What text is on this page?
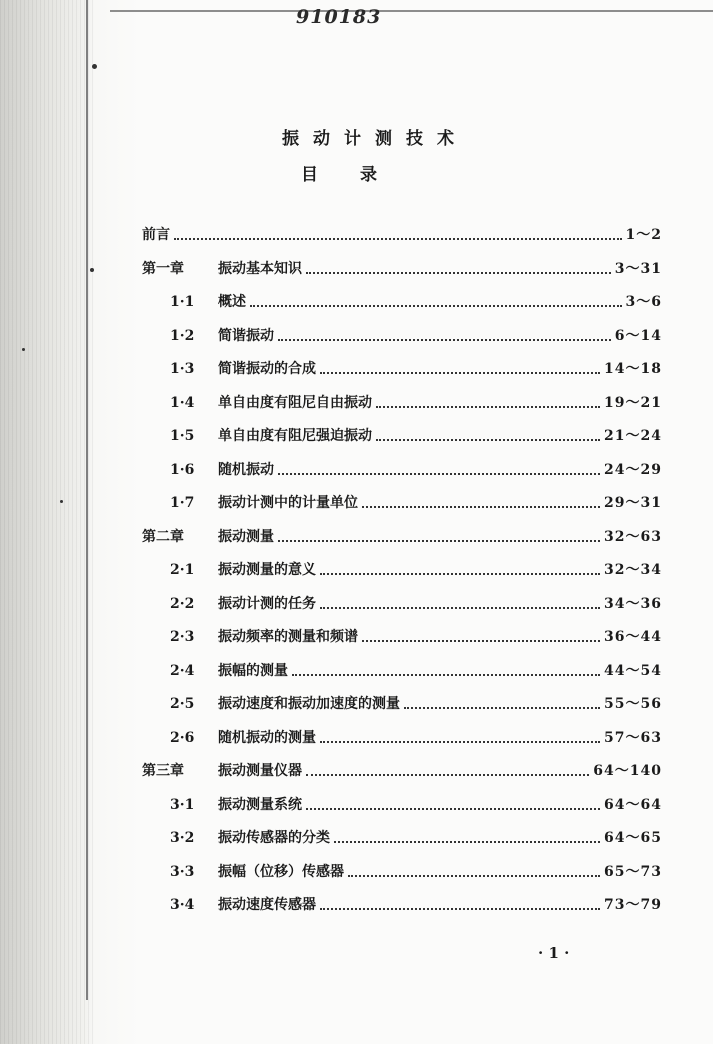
910183
振动计测技术
目录
前言	1～2
第一章	振动基本知识	3～31
1·1	概述	3～6
1·2	简谐振动	6～14
1·3	简谐振动的合成	14～18
1·4	单自由度有阻尼自由振动	19～21
1·5	单自由度有阻尼强迫振动	21～24
1·6	随机振动	24～29
1·7	振动计测中的计量单位	29～31
第二章	振动测量	32～63
2·1	振动测量的意义	32～34
2·2	振动计测的任务	34～36
2·3	振动频率的测量和频谱	36～44
2·4	振幅的测量	44～54
2·5	振动速度和振动加速度的测量	55～56
2·6	随机振动的测量	57～63
第三章	振动测量仪器	64～140
3·1	振动测量系统	64～64
3·2	振动传感器的分类	64～65
3·3	振幅（位移）传感器	65～73
3·4	振动速度传感器	73～79
· 1 ·
